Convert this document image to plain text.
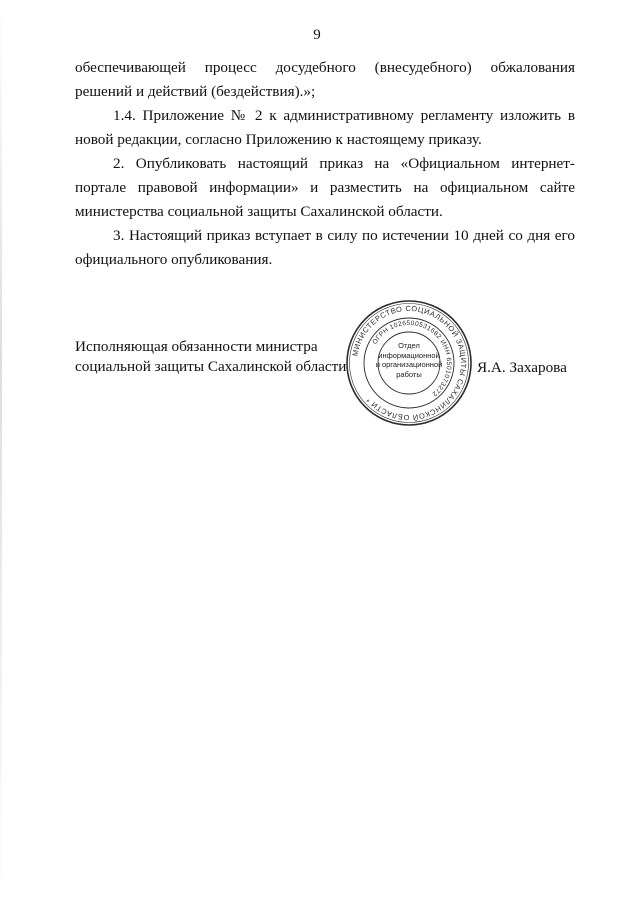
9

обеспечивающей процесс досудебного (внесудебного) обжалования решений и действий (бездействия).»;

1.4. Приложение № 2 к административному регламенту изложить в новой редакции, согласно Приложению к настоящему приказу.

2. Опубликовать настоящий приказ на «Официальном интернет-портале правовой информации» и разместить на официальном сайте министерства социальной защиты Сахалинской области.

3. Настоящий приказ вступает в силу по истечении 10 дней со дня его официального опубликования.

Исполняющая обязанности министра
социальной защиты Сахалинской области
МИНИСТЕРСТВО СОЦИАЛЬНОЙ ЗАЩИТЫ САХАЛИНСКОЙ ОБЛАСТИ *
ОГРН 1026500531682 ИНН 6501073272
Отдел
информационной
и организационной
работы	Я.А. Захарова
